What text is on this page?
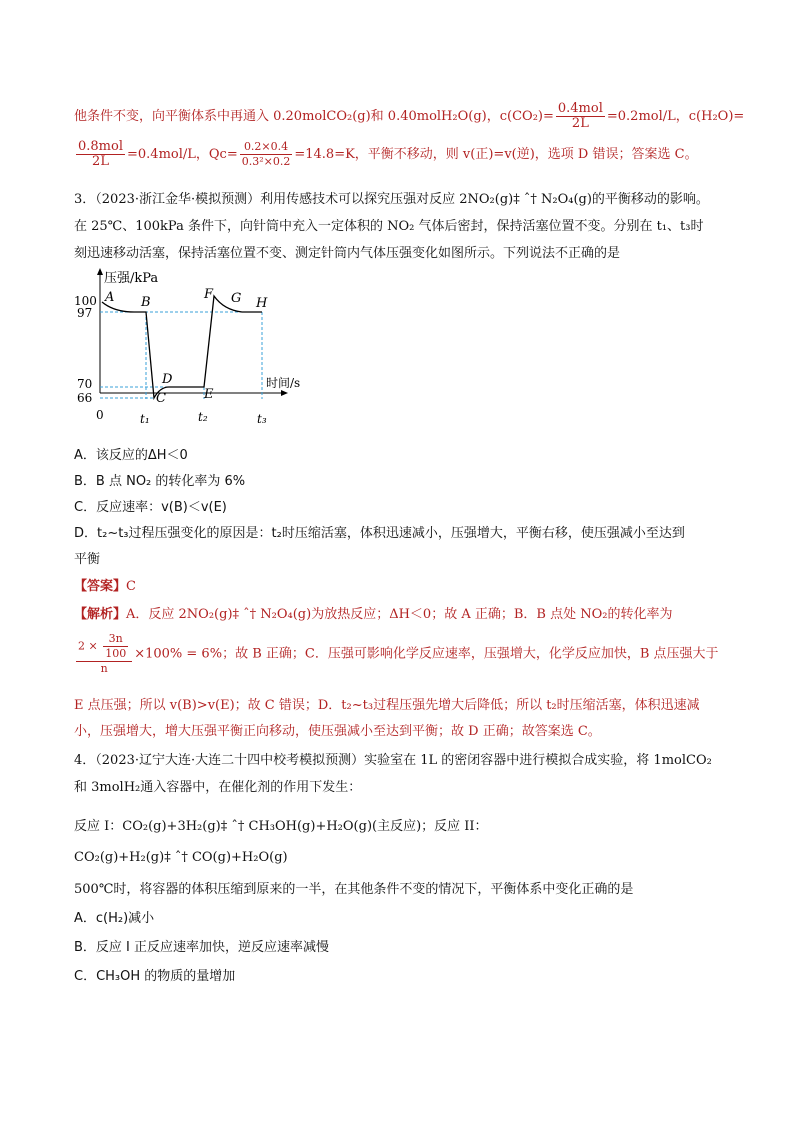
他条件不变，向平衡体系中再通入 0.20molCO₂(g)和 0.40molH₂O(g)，$c(CO_2)= \frac{\text{0.4mol}}{2L} =0.2mol/L$，c(H₂O)=
$\frac{\text{0.8mol}}{2L} =0.4mol/L$，$Qc= \frac{0.2\times 0.4}{\text{0.3²×0.2}} =14.8=K$，平衡不移动，则 v(正)=v(逆)，选项 D 错误；答案选 C。
3．（2023·浙江金华·模拟预测）利用传感技术可以探究压强对反应 2NO₂(g)‡ ˆ† N₂O₄(g)的平衡移动的影响。
在 25℃、100kPa 条件下，向针筒中充入一定体积的 NO₂ 气体后密封，保持活塞位置不变。分别在 t₁、t₃时
刻迅速移动活塞，保持活塞位置不变、测定针筒内气体压强变化如图所示。下列说法不正确的是
压强/kPa
时间/s
100
97
70
66
0	t₁	t₂	t₃
A B
C
D
E
F G H
A．该反应的ΔH＜0
B．B 点 NO₂ 的转化率为 6%
C．反应速率：v(B)＜v(E)
D．t₂~t₃过程压强变化的原因是：t₂时压缩活塞，体积迅速减小，压强增大，平衡右移，使压强减小至达到
平衡
【答案】C
【解析】A．反应 2NO₂(g)‡ ˆ† N₂O₄(g)为放热反应；ΔH＜0；故 A 正确；B．B 点处 NO₂的转化率为
$\frac{2 \times \frac{3n}{100}}{n} \times 100\% = 6\%$；故 B 正确；C．压强可影响化学反应速率，压强增大，化学反应加快，B 点压强大于
E 点压强；所以 v(B)>v(E)；故 C 错误；D．t₂~t₃过程压强先增大后降低；所以 t₂时压缩活塞，体积迅速减
小，压强增大，增大压强平衡正向移动，使压强减小至达到平衡；故 D 正确；故答案选 C。
4．（2023·辽宁大连·大连二十四中校考模拟预测）实验室在 1L 的密闭容器中进行模拟合成实验，将 1molCO₂
和 3molH₂通入容器中，在催化剂的作用下发生：
反应 I：CO₂(g)+3H₂(g)‡ ˆ† CH₃OH(g)+H₂O(g)(主反应)；反应 II：
CO₂(g)+H₂(g)‡ ˆ† CO(g)+H₂O(g)
500℃时，将容器的体积压缩到原来的一半，在其他条件不变的情况下，平衡体系中变化正确的是
A．c(H₂)减小
B．反应 I 正反应速率加快，逆反应速率减慢
C．CH₃OH 的物质的量增加
